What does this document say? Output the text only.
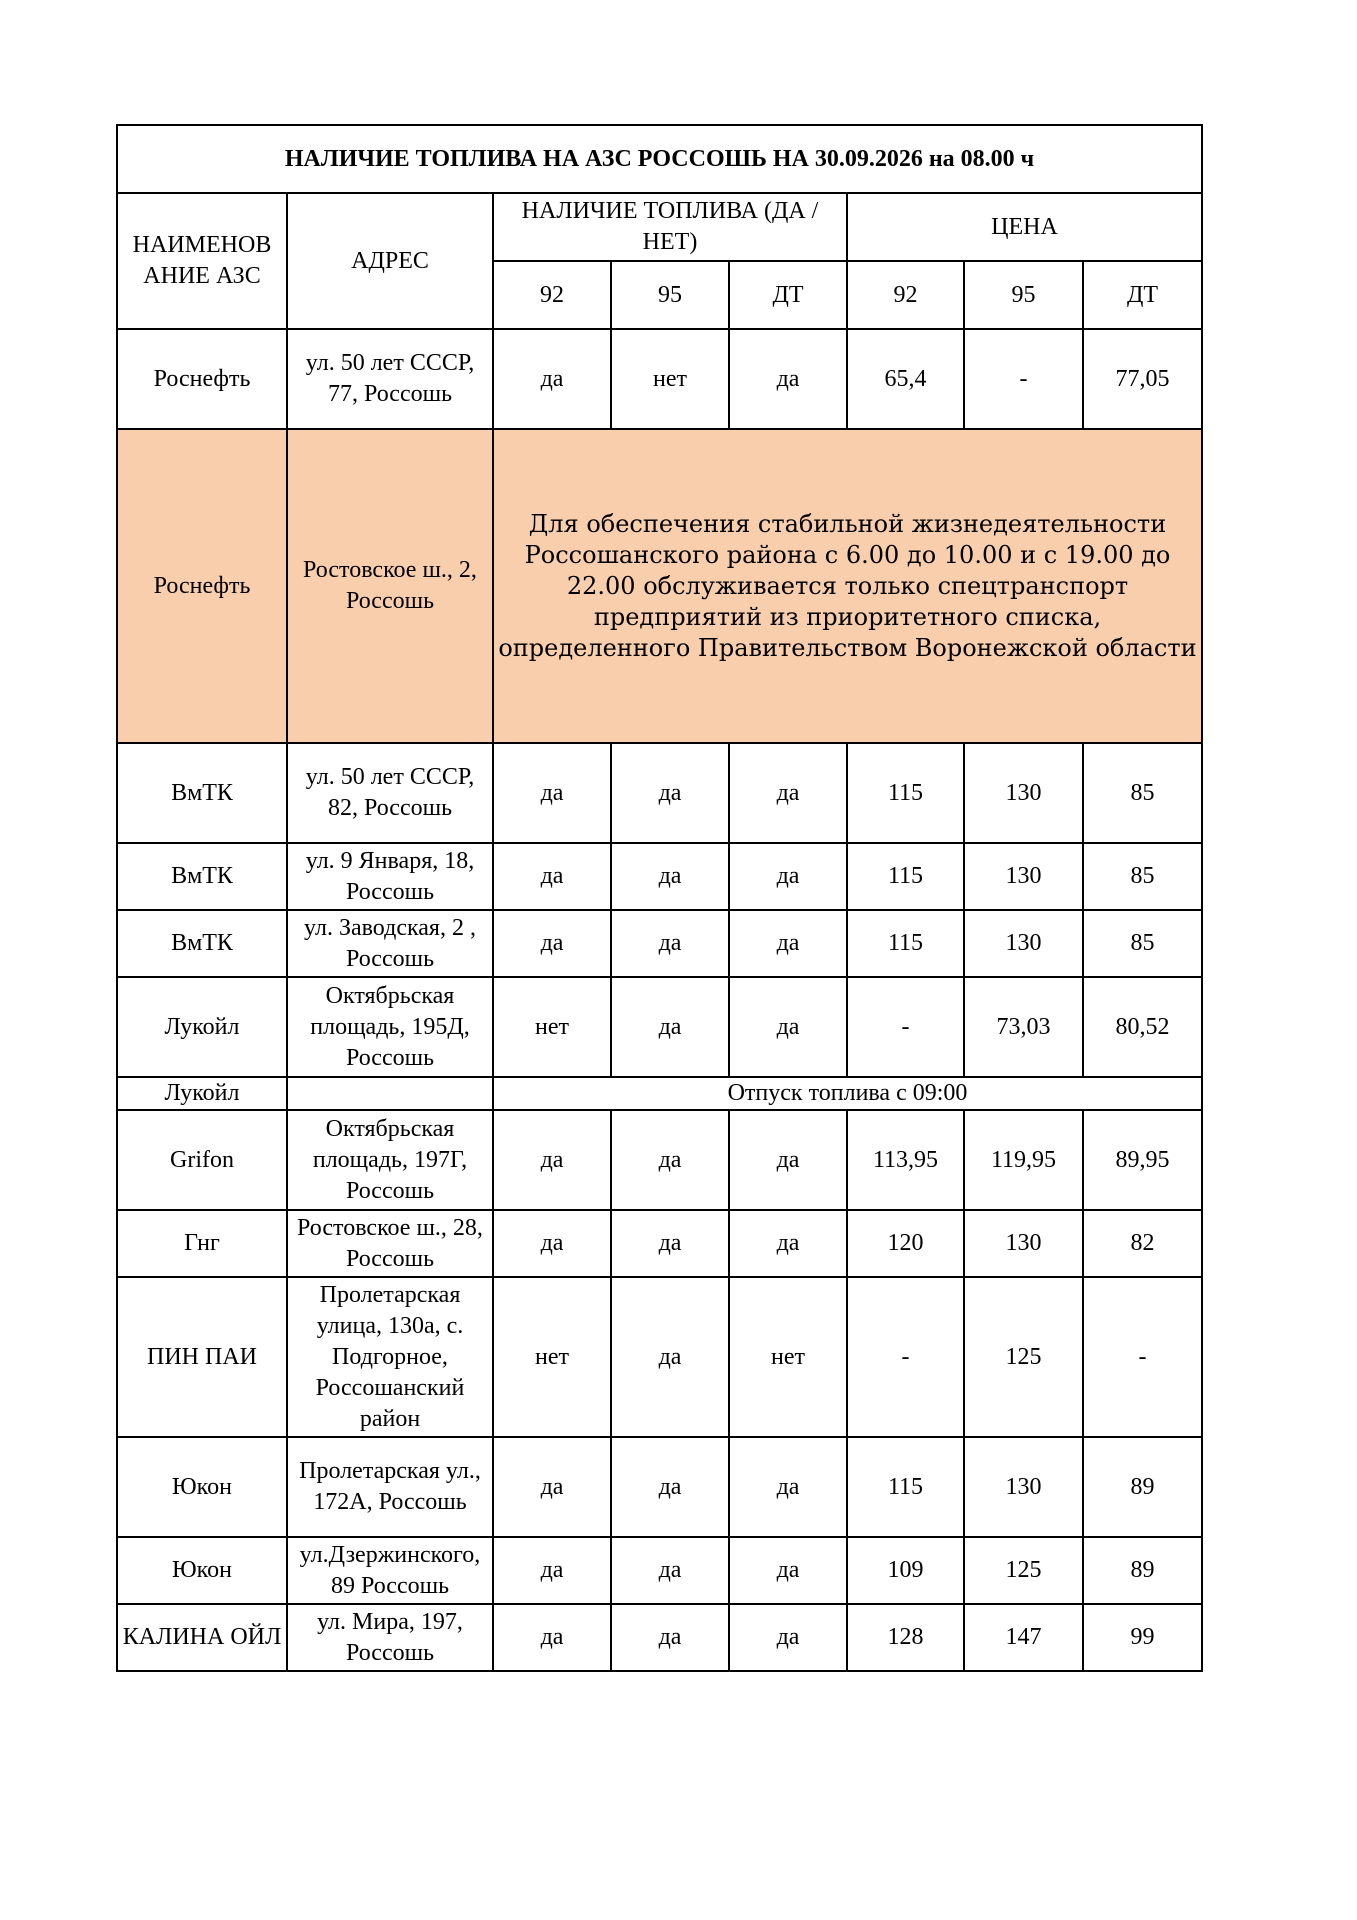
НАЛИЧИЕ ТОПЛИВА НА АЗС РОССОШЬ НА 30.09.2026 на 08.00 ч							
НАИМЕНОВ АНИЕ АЗС	АДРЕС	НАЛИЧИЕ ТОПЛИВА (ДА / НЕТ)			ЦЕНА		
		92	95	ДТ	92	95	ДТ
Роснефть	ул. 50 лет СССР, 77, Россошь	да	нет	да	65,4	-	77,05
Роснефть	Ростовское ш., 2, Россошь	Для обеспечения стабильной жизнедеятельности Россошанского района с 6.00 до 10.00 и с 19.00 до 22.00 обслуживается только спецтранспорт предприятий из приоритетного списка, определенного Правительством Воронежской области					
ВмТК	ул. 50 лет СССР, 82, Россошь	да	да	да	115	130	85
ВмТК	ул. 9 Января, 18, Россошь	да	да	да	115	130	85
ВмТК	ул. Заводская, 2 , Россошь	да	да	да	115	130	85
Лукойл	Октябрьская площадь, 195Д, Россошь	нет	да	да	-	73,03	80,52
Лукойл		Отпуск топлива с 09:00					
Grifon	Октябрьская площадь, 197Г, Россошь	да	да	да	113,95	119,95	89,95
Гнг	Ростовское ш., 28, Россошь	да	да	да	120	130	82
ПИН ПАИ	Пролетарская улица, 130а, с. Подгорное, Россошанский район	нет	да	нет	-	125	-
Юкон	Пролетарская ул., 172А, Россошь	да	да	да	115	130	89
Юкон	ул.Дзержинского, 89 Россошь	да	да	да	109	125	89
КАЛИНА ОЙЛ	ул. Мира, 197, Россошь	да	да	да	128	147	99
